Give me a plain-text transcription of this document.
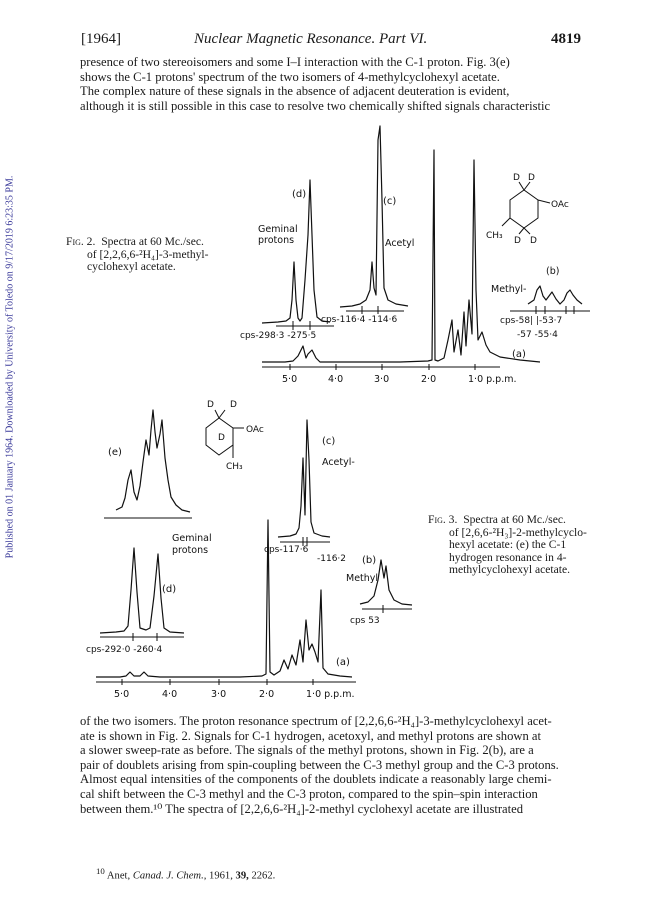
[1964]	Nuclear Magnetic Resonance. Part VI.	4819
Published on 01 January 1964. Downloaded by University of Toledo on 9/17/2019 6:23:35 PM.
presence of two stereoisomers and some I–I interaction with the C-1 proton. Fig. 3(e)
shows the C-1 protons' spectrum of the two isomers of 4-methylcyclohexyl acetate.
The complex nature of these signals in the absence of adjacent deuteration is evident,
although it is still possible in this case to resolve two chemically shifted signals characteristic
Fig. 2. Spectra at 60 Mc./sec.
of [2,2,6,6-²H₄]-3-methyl-
cyclohexyl acetate.
Fig. 3. Spectra at 60 Mc./sec.
of [2,6,6-²H₃]-2-methylcyclo-
hexyl acetate: (e) the C-1
hydrogen resonance in 4-
methylcyclohexyl acetate.
(d)
(c)
Geminal
protons	Acetyl
(b)
Methyl-
cps-116·4 -114·6	cps-58| |-53·7
-57 -55·4
cps-298·3 -275·5
(a)
5·0	4·0	3·0	2·0	1·0 p.p.m.
D D
OAc
CH₃ D D
D D
D
OAc
CH₃
(e)
(c)
Acetyl-
Geminal
protons	cps-117·6
-116·2 (b)
Methyl
(d)
cps 53
cps-292·0 -260·4
(a)
5·0	4·0	3·0	2·0	1·0 p.p.m.
of the two isomers. The proton resonance spectrum of [2,2,6,6-²H₄]-3-methylcyclohexyl acet-
ate is shown in Fig. 2. Signals for C-1 hydrogen, acetoxyl, and methyl protons are shown at
a slower sweep-rate as before. The signals of the methyl protons, shown in Fig. 2(b), are a
pair of doublets arising from spin-coupling between the C-3 methyl group and the C-3 protons.
Almost equal intensities of the components of the doublets indicate a reasonably large chemi-
cal shift between the C-3 methyl and the C-3 proton, compared to the spin–spin interaction
between them.¹⁰ The spectra of [2,2,6,6-²H₄]-2-methyl cyclohexyl acetate are illustrated
$^{10}$ Anet, Canad. J. Chem., 1961, 39, 2262.
